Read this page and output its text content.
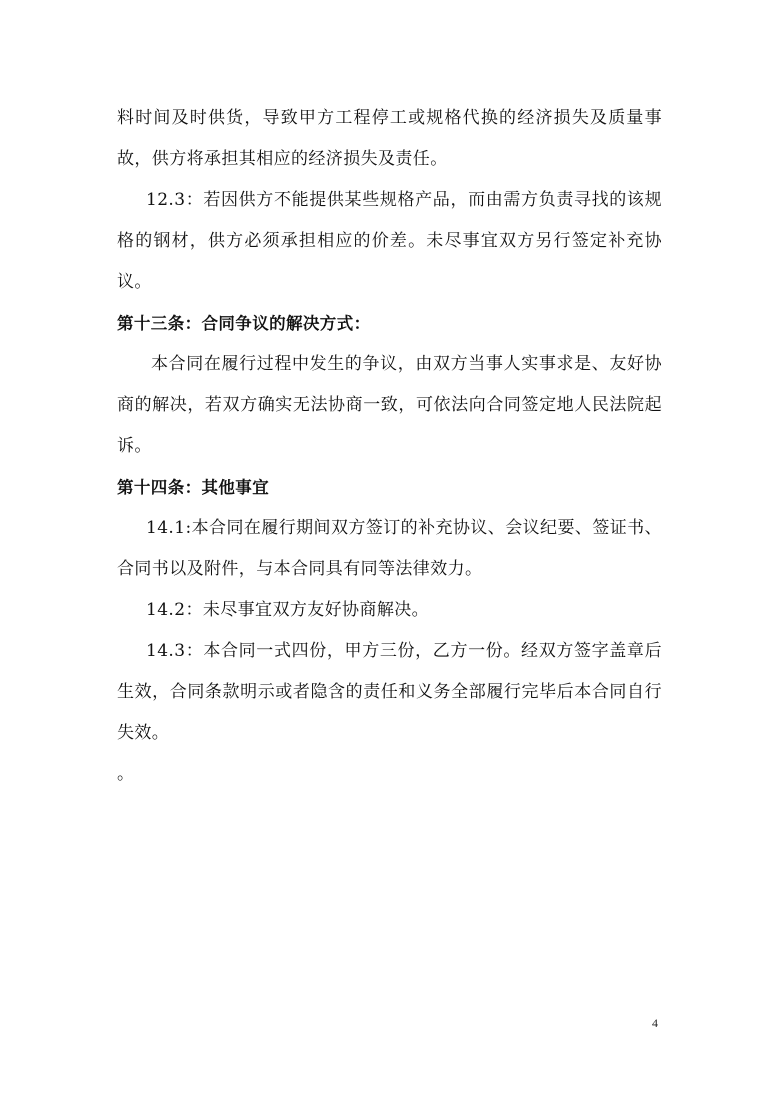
料时间及时供货，导致甲方工程停工或规格代换的经济损失及质量事故，供方将承担其相应的经济损失及责任。

12.3：若因供方不能提供某些规格产品，而由需方负责寻找的该规格的钢材，供方必须承担相应的价差。未尽事宜双方另行签定补充协议。

第十三条：合同争议的解决方式：

本合同在履行过程中发生的争议，由双方当事人实事求是、友好协商的解决，若双方确实无法协商一致，可依法向合同签定地人民法院起诉。

第十四条：其他事宜

14.1:本合同在履行期间双方签订的补充协议、会议纪要、签证书、合同书以及附件，与本合同具有同等法律效力。

14.2：未尽事宜双方友好协商解决。

14.3：本合同一式四份，甲方三份，乙方一份。经双方签字盖章后生效，合同条款明示或者隐含的责任和义务全部履行完毕后本合同自行失效。

。

4
